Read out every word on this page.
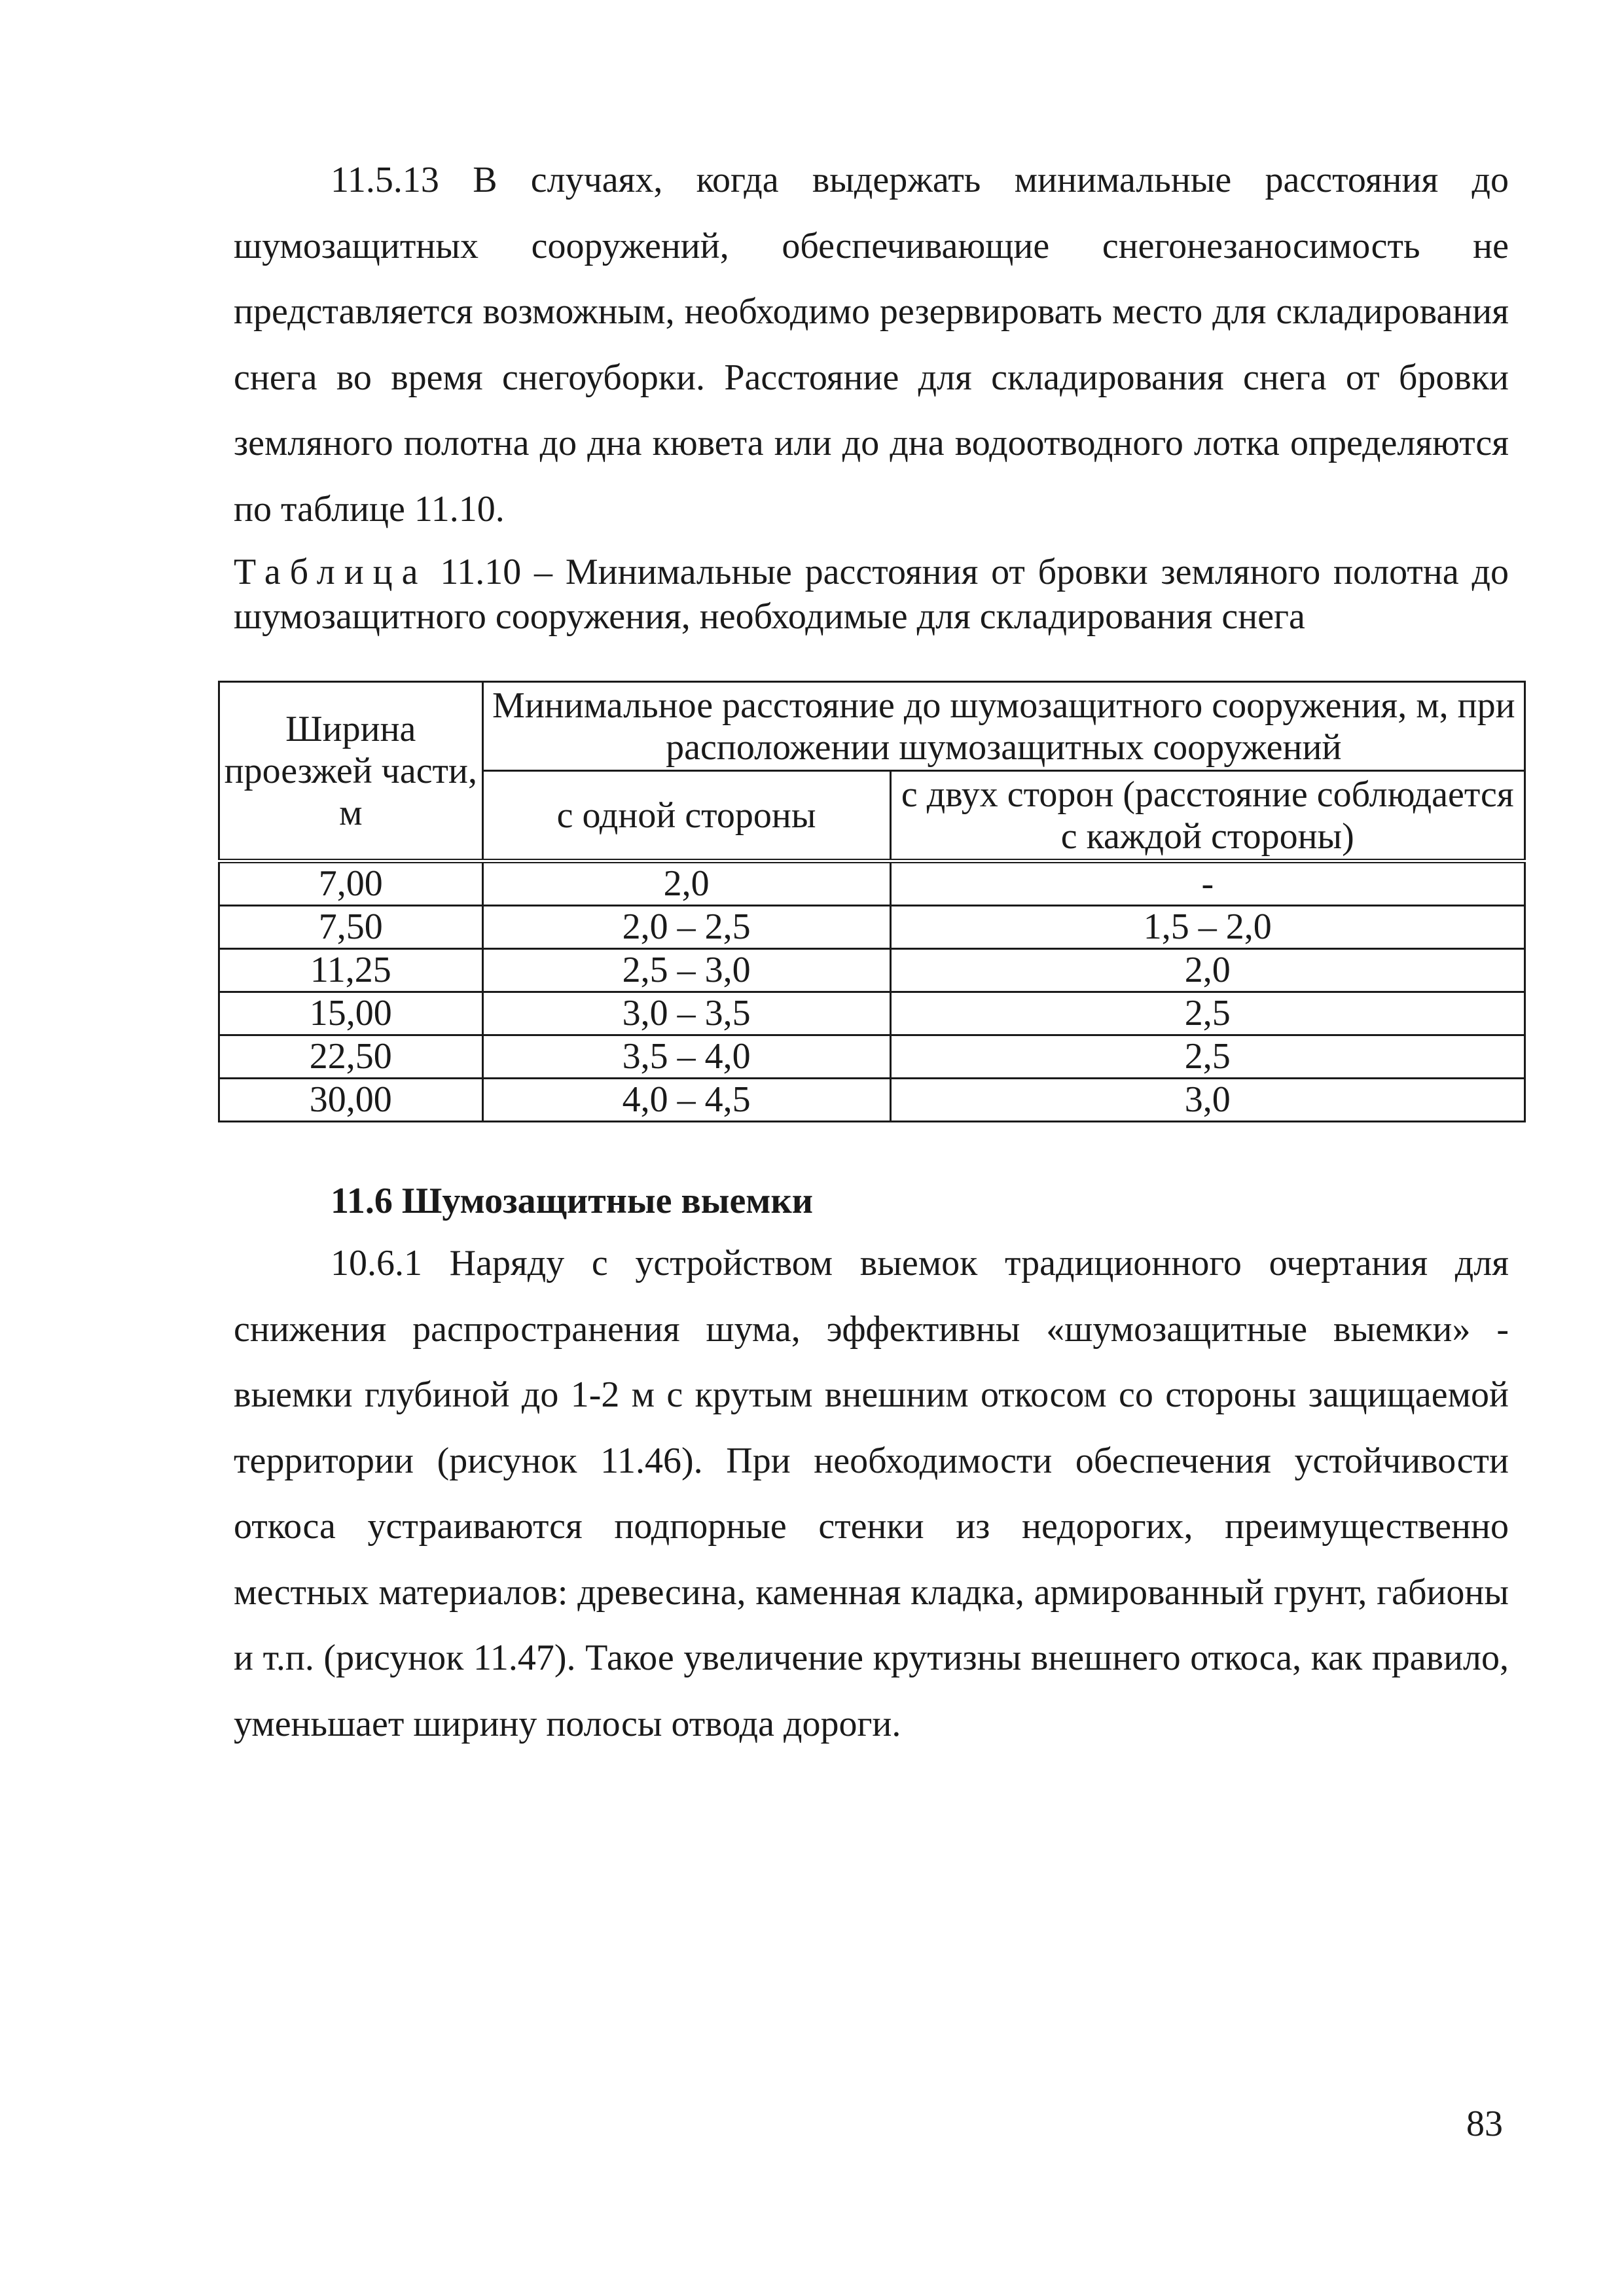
11.5.13 В случаях, когда выдержать минимальные расстояния до шумозащитных сооружений, обеспечивающие снегонезаносимость не представляется возможным, необходимо резервировать место для складирования снега во время снегоуборки. Расстояние для складирования снега от бровки земляного полотна до дна кювета или до дна водоотводного лотка определяются по таблице 11.10.

Таблица 11.10 – Минимальные расстояния от бровки земляного полотна до шумозащитного сооружения, необходимые для складирования снега

Ширина проезжей части, м	Минимальное расстояние до шумозащитного сооружения, м, при расположении шумозащитных сооружений	
	с одной стороны	с двух сторон (расстояние соблюдается с каждой стороны)
7,00	2,0	-
7,50	2,0 – 2,5	1,5 – 2,0
11,25	2,5 – 3,0	2,0
15,00	3,0 – 3,5	2,5
22,50	3,5 – 4,0	2,5
30,00	4,0 – 4,5	3,0
11.6 Шумозащитные выемки

10.6.1 Наряду с устройством выемок традиционного очертания для снижения распространения шума, эффективны «шумозащитные выемки» - выемки глубиной до 1-2 м с крутым внешним откосом со стороны защищаемой территории (рисунок 11.46). При необходимости обеспечения устойчивости откоса устраиваются подпорные стенки из недорогих, преимущественно местных материалов: древесина, каменная кладка, армированный грунт, габионы и т.п. (рисунок 11.47). Такое увеличение крутизны внешнего откоса, как правило, уменьшает ширину полосы отвода дороги.

83
